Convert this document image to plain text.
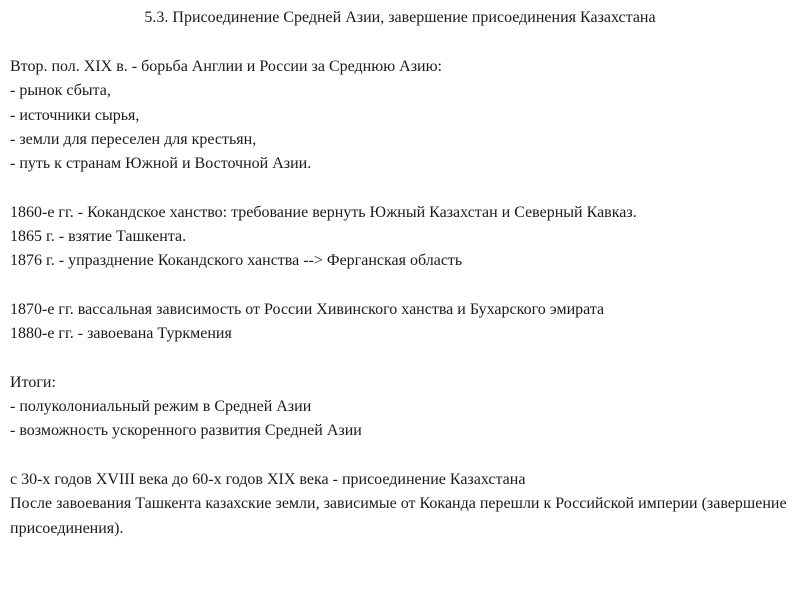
5.3. Присоединение Средней Азии, завершение присоединения Казахстана
Втор. пол. XIX в. - борьба Англии и России за Среднюю Азию:
- рынок сбыта,
- источники сырья,
- земли для переселен для крестьян,
- путь к странам Южной и Восточной Азии.
1860-е гг. - Кокандское ханство: требование вернуть Южный Казахстан и Северный Кавказ.
1865 г. - взятие Ташкента.
1876 г. - упразднение Кокандского ханства --> Ферганская область
1870-е гг. вассальная зависимость от России Хивинского ханства и Бухарского эмирата
1880-е гг. - завоевана Туркмения
Итоги:
- полуколониальный режим в Средней Азии
- возможность ускоренного развития Средней Азии
с 30-х годов XVIII века до 60-х годов XIX века - присоединение Казахстана
После завоевания Ташкента казахские земли, зависимые от Коканда перешли к Российской империи (завершение присоединения).
